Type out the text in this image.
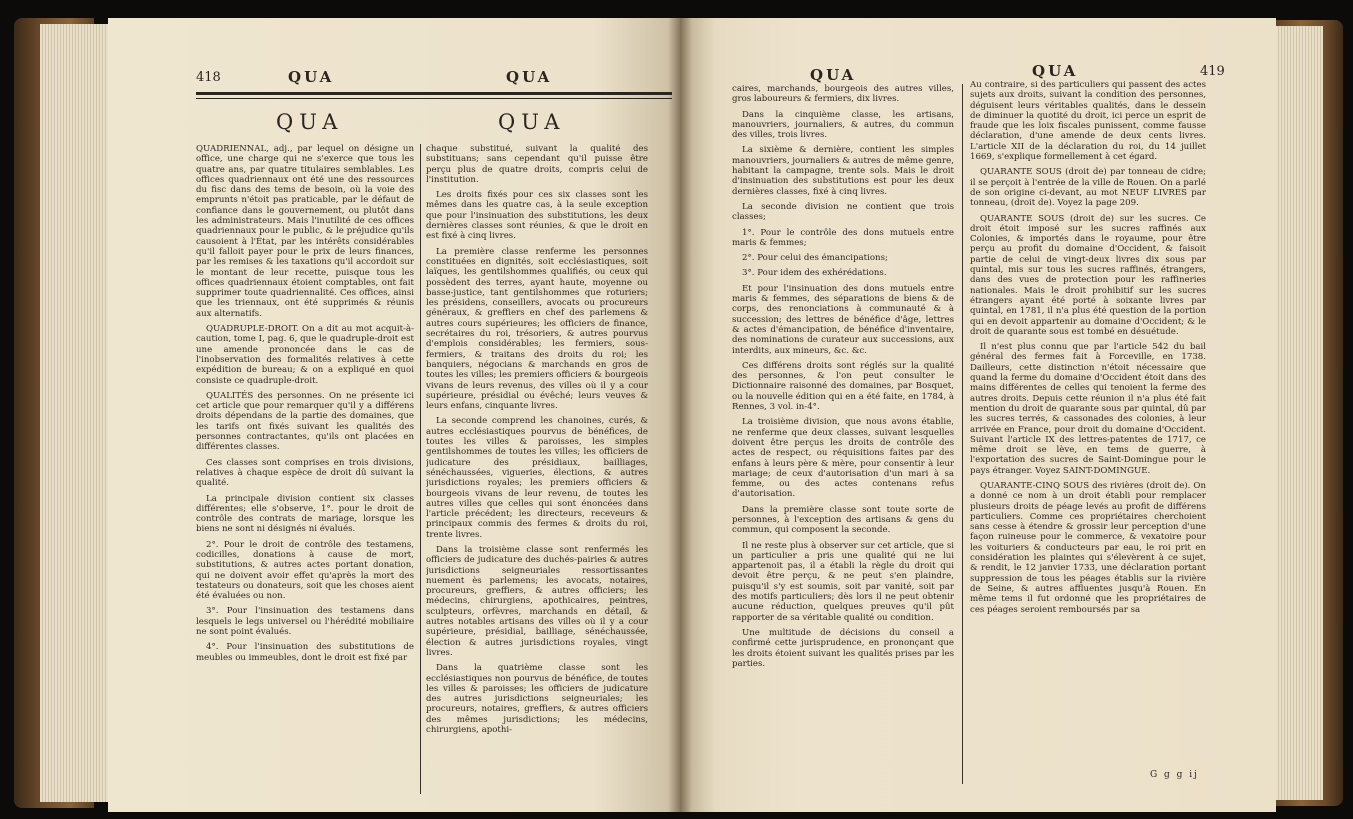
418	QUA	QUA
QUA	QUA

QUADRIENNAL, adj., par lequel on désigne un office, une charge qui ne s'exerce que tous les quatre ans, par quatre titulaires semblables. Les offices quadriennaux ont été une des ressources du fisc dans des tems de besoin, où la voie des emprunts n'étoit pas praticable, par le défaut de confiance dans le gouvernement, ou plutôt dans les administrateurs. Mais l'inutilité de ces offices quadriennaux pour le public, & le préjudice qu'ils causoient à l'État, par les intérêts considérables qu'il falloit payer pour le prix de leurs finances, par les remises & les taxations qu'il accordoit sur le montant de leur recette, puisque tous les offices quadriennaux étoient comptables, ont fait supprimer toute quadriennalité. Ces offices, ainsi que les triennaux, ont été supprimés & réunis aux alternatifs.

QUADRUPLE-DROIT. On a dit au mot acquit-à-caution, tome I, pag. 6, que le quadruple-droit est une amende prononcée dans le cas de l'inobservation des formalités relatives à cette expédition de bureau; & on a expliqué en quoi consiste ce quadruple-droit.

QUALITÉS des personnes. On ne présente ici cet article que pour remarquer qu'il y a différens droits dépendans de la partie des domaines, que les tarifs ont fixés suivant les qualités des personnes contractantes, qu'ils ont placées en différentes classes.

Ces classes sont comprises en trois divisions, relatives à chaque espèce de droit dû suivant la qualité.

La principale division contient six classes différentes; elle s'observe, 1°. pour le droit de contrôle des contrats de mariage, lorsque les biens ne sont ni désignés ni évalués.

2°. Pour le droit de contrôle des testamens, codicilles, donations à cause de mort, substitutions, & autres actes portant donation, qui ne doivent avoir effet qu'après la mort des testateurs ou donateurs, soit que les choses aient été évaluées ou non.

3°. Pour l'insinuation des testamens dans lesquels le legs universel ou l'hérédité mobiliaire ne sont point évalués.

4°. Pour l'insinuation des substitutions de meubles ou immeubles, dont le droit est fixé par

chaque substitué, suivant la qualité des substituans; sans cependant qu'il puisse être perçu plus de quatre droits, compris celui de l'institution.

Les droits fixés pour ces six classes sont les mêmes dans les quatre cas, à la seule exception que pour l'insinuation des substitutions, les deux dernières classes sont réunies, & que le droit en est fixé à cinq livres.

La première classe renferme les personnes constituées en dignités, soit ecclésiastiques, soit laïques, les gentilshommes qualifiés, ou ceux qui possèdent des terres, ayant haute, moyenne ou basse-justice, tant gentilshommes que roturiers; les présidens, conseillers, avocats ou procureurs généraux, & greffiers en chef des parlemens & autres cours supérieures; les officiers de finance, secrétaires du roi, trésoriers, & autres pourvus d'emplois considérables; les fermiers, sous-fermiers, & traitans des droits du roi; les banquiers, négocians & marchands en gros de toutes les villes; les premiers officiers & bourgeois vivans de leurs revenus, des villes où il y a cour supérieure, présidial ou évêché; leurs veuves & leurs enfans, cinquante livres.

La seconde comprend les chanoines, curés, & autres ecclésiastiques pourvus de bénéfices, de toutes les villes & paroisses, les simples gentilshommes de toutes les villes; les officiers de judicature des présidiaux, bailliages, sénéchaussées, vigueries, élections, & autres jurisdictions royales; les premiers officiers & bourgeois vivans de leur revenu, de toutes les autres villes que celles qui sont énoncées dans l'article précédent; les directeurs, receveurs & principaux commis des fermes & droits du roi, trente livres.

Dans la troisième classe sont renfermés les officiers de judicature des duchés-pairies & autres jurisdictions seigneuriales ressortissantes nuement ès parlemens; les avocats, notaires, procureurs, greffiers, & autres officiers; les médecins, chirurgiens, apothicaires, peintres, sculpteurs, orfèvres, marchands en détail, & autres notables artisans des villes où il y a cour supérieure, présidial, bailliage, sénéchaussée, élection & autres jurisdictions royales, vingt livres.

Dans la quatrième classe sont les ecclésiastiques non pourvus de bénéfice, de toutes les villes & paroisses; les officiers de judicature des autres jurisdictions seigneuriales; les procureurs, notaires, greffiers, & autres officiers des mêmes jurisdictions; les médecins, chirurgiens, apothi-

QUA	QUA	419

caires, marchands, bourgeois des autres villes, gros laboureurs & fermiers, dix livres.

Dans la cinquième classe, les artisans, manouvriers, journaliers, & autres, du commun des villes, trois livres.

La sixième & dernière, contient les simples manouvriers, journaliers & autres de même genre, habitant la campagne, trente sols. Mais le droit d'insinuation des substitutions est pour les deux dernières classes, fixé à cinq livres.

La seconde division ne contient que trois classes;

1°. Pour le contrôle des dons mutuels entre maris & femmes;

2°. Pour celui des émancipations;

3°. Pour idem des exhérédations.

Et pour l'insinuation des dons mutuels entre maris & femmes, des séparations de biens & de corps, des renonciations à communauté & à succession; des lettres de bénéfice d'âge, lettres & actes d'émancipation, de bénéfice d'inventaire, des nominations de curateur aux successions, aux interdits, aux mineurs, &c. &c.

Ces différens droits sont réglés sur la qualité des personnes, & l'on peut consulter le Dictionnaire raisonné des domaines, par Bosquet, ou la nouvelle édition qui en a été faite, en 1784, à Rennes, 3 vol. in-4°.

La troisième division, que nous avons établie, ne renferme que deux classes, suivant lesquelles doivent être perçus les droits de contrôle des actes de respect, ou réquisitions faites par des enfans à leurs père & mère, pour consentir à leur mariage; de ceux d'autorisation d'un mari à sa femme, ou des actes contenans refus d'autorisation.

Dans la première classe sont toute sorte de personnes, à l'exception des artisans & gens du commun, qui composent la seconde.

Il ne reste plus à observer sur cet article, que si un particulier a pris une qualité qui ne lui appartenoit pas, il a établi la règle du droit qui devoit être perçu, & ne peut s'en plaindre, puisqu'il s'y est soumis, soit par vanité, soit par des motifs particuliers; dès lors il ne peut obtenir aucune réduction, quelques preuves qu'il pût rapporter de sa véritable qualité ou condition.

Une multitude de décisions du conseil a confirmé cette jurisprudence, en prononçant que les droits étoient suivant les qualités prises par les parties.

Au contraire, si des particuliers qui passent des actes sujets aux droits, suivant la condition des personnes, déguisent leurs véritables qualités, dans le dessein de diminuer la quotité du droit, ici perce un esprit de fraude que les loix fiscales punissent, comme fausse déclaration, d'une amende de deux cents livres. L'article XII de la déclaration du roi, du 14 juillet 1669, s'explique formellement à cet égard.

QUARANTE SOUS (droit de) par tonneau de cidre; il se perçoit à l'entrée de la ville de Rouen. On a parlé de son origine ci-devant, au mot NEUF LIVRES par tonneau, (droit de). Voyez la page 209.

QUARANTE SOUS (droit de) sur les sucres. Ce droit étoit imposé sur les sucres raffinés aux Colonies, & importés dans le royaume, pour être perçu au profit du domaine d'Occident, & faisoit partie de celui de vingt-deux livres dix sous par quintal, mis sur tous les sucres raffinés, étrangers, dans des vues de protection pour les raffineries nationales. Mais le droit prohibitif sur les sucres étrangers ayant été porté à soixante livres par quintal, en 1781, il n'a plus été question de la portion qui en devoit appartenir au domaine d'Occident; & le droit de quarante sous est tombé en désuétude.

Il n'est plus connu que par l'article 542 du bail général des fermes fait à Forceville, en 1738. Dailleurs, cette distinction n'étoit nécessaire que quand la ferme du domaine d'Occident étoit dans des mains différentes de celles qui tenoient la ferme des autres droits. Depuis cette réunion il n'a plus été fait mention du droit de quarante sous par quintal, dû par les sucres terrés, & cassonades des colonies, à leur arrivée en France, pour droit du domaine d'Occident. Suivant l'article IX des lettres-patentes de 1717, ce même droit se lève, en tems de guerre, à l'exportation des sucres de Saint-Domingue pour le pays étranger. Voyez SAINT-DOMINGUE.

QUARANTE-CINQ SOUS des rivières (droit de). On a donné ce nom à un droit établi pour remplacer plusieurs droits de péage levés au profit de différens particuliers. Comme ces propriétaires cherchoient sans cesse à étendre & grossir leur perception d'une façon ruineuse pour le commerce, & vexatoire pour les voituriers & conducteurs par eau, le roi prit en considération les plaintes qui s'élevèrent à ce sujet, & rendit, le 12 janvier 1733, une déclaration portant suppression de tous les péages établis sur la rivière de Seine, & autres affluentes jusqu'à Rouen. En même tems il fut ordonné que les propriétaires de ces péages seroient remboursés par sa

G g g ij
